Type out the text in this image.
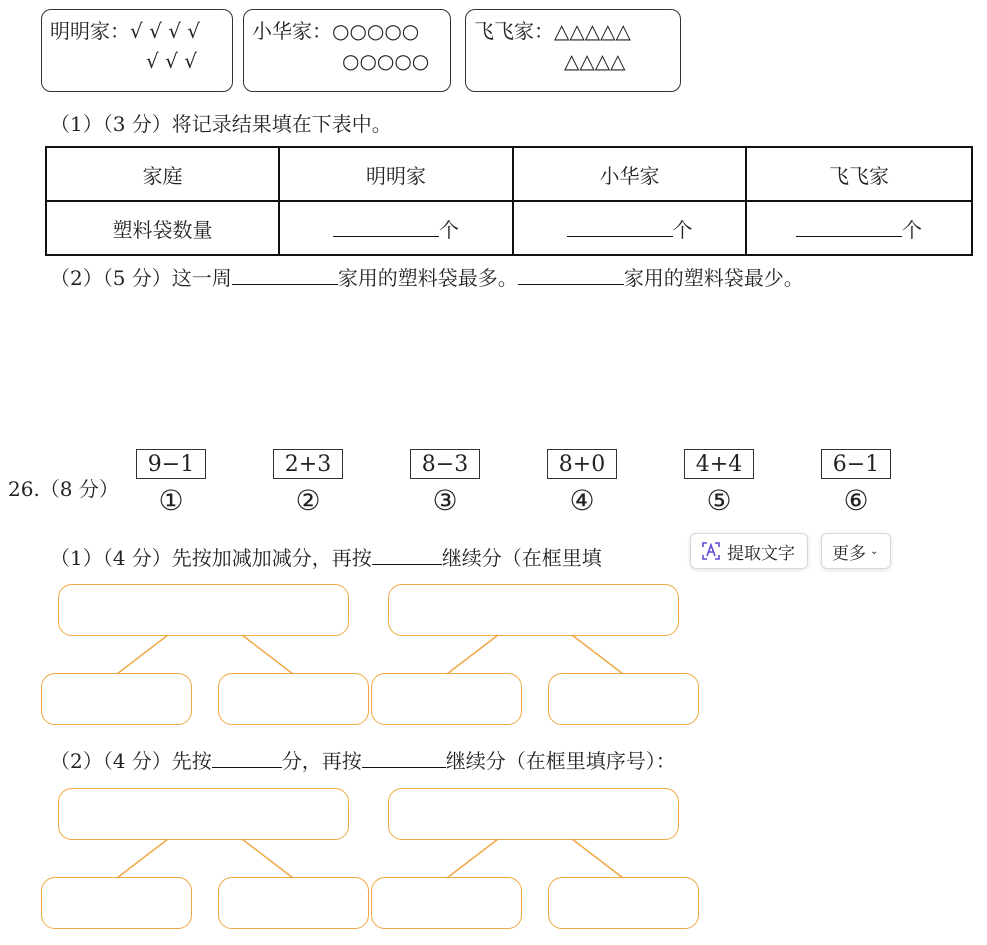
明明家：√ √ √ √
√ √ √
小华家：○○○○○
○○○○○
飞飞家：△△△△△
△△△△
（1）（3 分）将记录结果填在下表中。
家庭	明明家	小华家	飞飞家
塑料袋数量	个	个	个
（2）（5 分）这一周	家用的塑料袋最多。	家用的塑料袋最少。
26.（8 分）
9−1	2+3	8−3	8+0	4+4	6−1
①	②	③	④	⑤	⑥
（1）（4 分）先按加减加减分，再按	继续分（在框里填	提取文字 更多 ⌄
（2）（4 分）先按	分，再按	继续分（在框里填序号）：
